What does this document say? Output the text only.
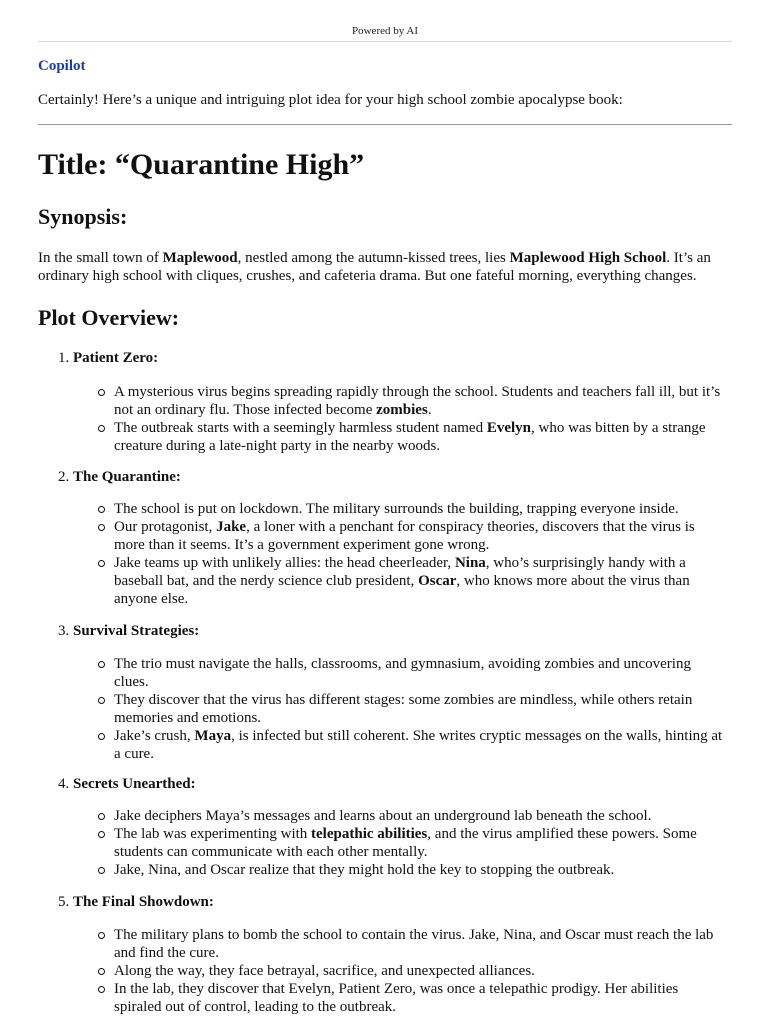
Powered by AI
Copilot
Certainly! Here’s a unique and intriguing plot idea for your high school zombie apocalypse book:
Title: “Quarantine High”
Synopsis:

In the small town of Maplewood, nestled among the autumn-kissed trees, lies Maplewood High School. It’s an ordinary high school with cliques, crushes, and cafeteria drama. But one fateful morning, everything changes.

Plot Overview:
1. Patient Zero:
A mysterious virus begins spreading rapidly through the school. Students and teachers fall ill, but it’s not an ordinary flu. Those infected become zombies.
The outbreak starts with a seemingly harmless student named Evelyn, who was bitten by a strange creature during a late-night party in the nearby woods.
2. The Quarantine:
The school is put on lockdown. The military surrounds the building, trapping everyone inside.
Our protagonist, Jake, a loner with a penchant for conspiracy theories, discovers that the virus is more than it seems. It’s a government experiment gone wrong.
Jake teams up with unlikely allies: the head cheerleader, Nina, who’s surprisingly handy with a baseball bat, and the nerdy science club president, Oscar, who knows more about the virus than anyone else.
3. Survival Strategies:
The trio must navigate the halls, classrooms, and gymnasium, avoiding zombies and uncovering clues.
They discover that the virus has different stages: some zombies are mindless, while others retain memories and emotions.
Jake’s crush, Maya, is infected but still coherent. She writes cryptic messages on the walls, hinting at a cure.
4. Secrets Unearthed:
Jake deciphers Maya’s messages and learns about an underground lab beneath the school.
The lab was experimenting with telepathic abilities, and the virus amplified these powers. Some students can communicate with each other mentally.
Jake, Nina, and Oscar realize that they might hold the key to stopping the outbreak.
5. The Final Showdown:
The military plans to bomb the school to contain the virus. Jake, Nina, and Oscar must reach the lab and find the cure.
Along the way, they face betrayal, sacrifice, and unexpected alliances.
In the lab, they discover that Evelyn, Patient Zero, was once a telepathic prodigy. Her abilities spiraled out of control, leading to the outbreak.
